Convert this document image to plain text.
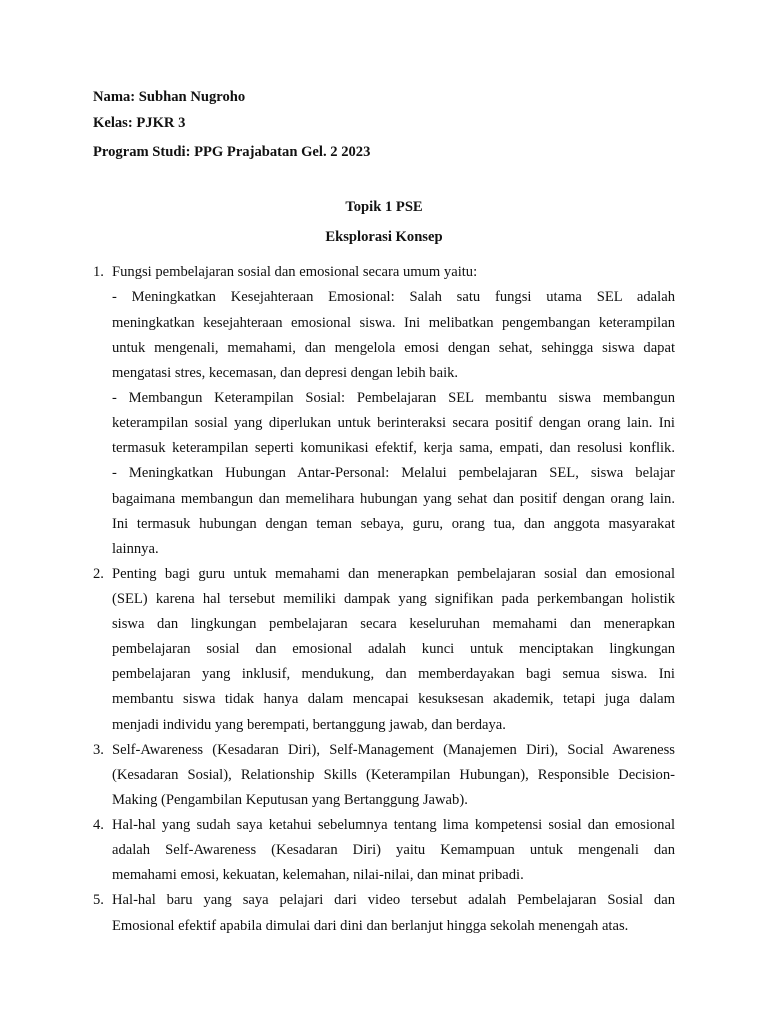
Nama: Subhan Nugroho
Kelas: PJKR 3
Program Studi: PPG Prajabatan Gel. 2 2023
Topik 1 PSE
Eksplorasi Konsep
1. Fungsi pembelajaran sosial dan emosional secara umum yaitu:
- Meningkatkan Kesejahteraan Emosional: Salah satu fungsi utama SEL adalah
meningkatkan kesejahteraan emosional siswa. Ini melibatkan pengembangan keterampilan
untuk mengenali, memahami, dan mengelola emosi dengan sehat, sehingga siswa dapat
mengatasi stres, kecemasan, dan depresi dengan lebih baik.
- Membangun Keterampilan Sosial: Pembelajaran SEL membantu siswa membangun
keterampilan sosial yang diperlukan untuk berinteraksi secara positif dengan orang lain. Ini
termasuk keterampilan seperti komunikasi efektif, kerja sama, empati, dan resolusi konflik.
- Meningkatkan Hubungan Antar-Personal: Melalui pembelajaran SEL, siswa belajar
bagaimana membangun dan memelihara hubungan yang sehat dan positif dengan orang lain.
Ini termasuk hubungan dengan teman sebaya, guru, orang tua, dan anggota masyarakat
lainnya.
2. Penting bagi guru untuk memahami dan menerapkan pembelajaran sosial dan emosional
(SEL) karena hal tersebut memiliki dampak yang signifikan pada perkembangan holistik
siswa dan lingkungan pembelajaran secara keseluruhan memahami dan menerapkan
pembelajaran sosial dan emosional adalah kunci untuk menciptakan lingkungan
pembelajaran yang inklusif, mendukung, dan memberdayakan bagi semua siswa. Ini
membantu siswa tidak hanya dalam mencapai kesuksesan akademik, tetapi juga dalam
menjadi individu yang berempati, bertanggung jawab, dan berdaya.
3. Self-Awareness (Kesadaran Diri), Self-Management (Manajemen Diri), Social Awareness
(Kesadaran Sosial), Relationship Skills (Keterampilan Hubungan), Responsible Decision-
Making (Pengambilan Keputusan yang Bertanggung Jawab).
4. Hal-hal yang sudah saya ketahui sebelumnya tentang lima kompetensi sosial dan emosional
adalah Self-Awareness (Kesadaran Diri) yaitu Kemampuan untuk mengenali dan
memahami emosi, kekuatan, kelemahan, nilai-nilai, dan minat pribadi.
5. Hal-hal baru yang saya pelajari dari video tersebut adalah Pembelajaran Sosial dan
Emosional efektif apabila dimulai dari dini dan berlanjut hingga sekolah menengah atas.
